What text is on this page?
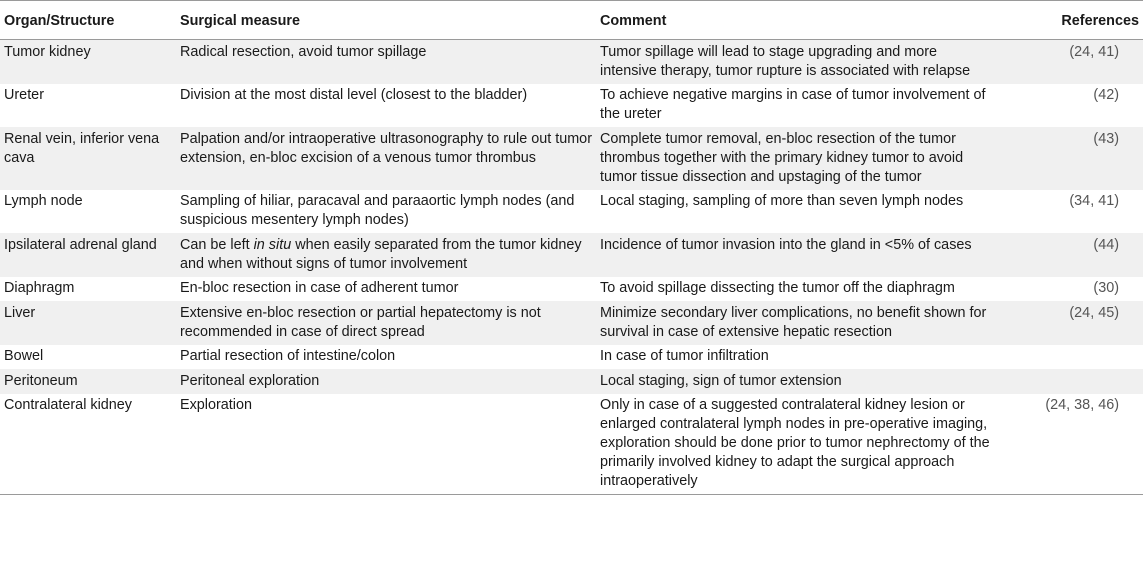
Organ/Structure	Surgical measure	Comment	References
Tumor kidney	Radical resection, avoid tumor spillage	Tumor spillage will lead to stage upgrading and more intensive therapy, tumor rupture is associated with relapse	(24, 41)
Ureter	Division at the most distal level (closest to the bladder)	To achieve negative margins in case of tumor involvement of the ureter	(42)
Renal vein, inferior vena cava	Palpation and/or intraoperative ultrasonography to rule out tumor extension, en-bloc excision of a venous tumor thrombus	Complete tumor removal, en-bloc resection of the tumor thrombus together with the primary kidney tumor to avoid tumor tissue dissection and upstaging of the tumor	(43)
Lymph node	Sampling of hiliar, paracaval and paraaortic lymph nodes (and suspicious mesentery lymph nodes)	Local staging, sampling of more than seven lymph nodes	(34, 41)
Ipsilateral adrenal gland	Can be left in situ when easily separated from the tumor kidney and when without signs of tumor involvement	Incidence of tumor invasion into the gland in <5% of cases	(44)
Diaphragm	En-bloc resection in case of adherent tumor	To avoid spillage dissecting the tumor off the diaphragm	(30)
Liver	Extensive en-bloc resection or partial hepatectomy is not recommended in case of direct spread	Minimize secondary liver complications, no benefit shown for survival in case of extensive hepatic resection	(24, 45)
Bowel	Partial resection of intestine/colon	In case of tumor infiltration	
Peritoneum	Peritoneal exploration	Local staging, sign of tumor extension	
Contralateral kidney	Exploration	Only in case of a suggested contralateral kidney lesion or enlarged contralateral lymph nodes in pre-operative imaging, exploration should be done prior to tumor nephrectomy of the primarily involved kidney to adapt the surgical approach intraoperatively	(24, 38, 46)
